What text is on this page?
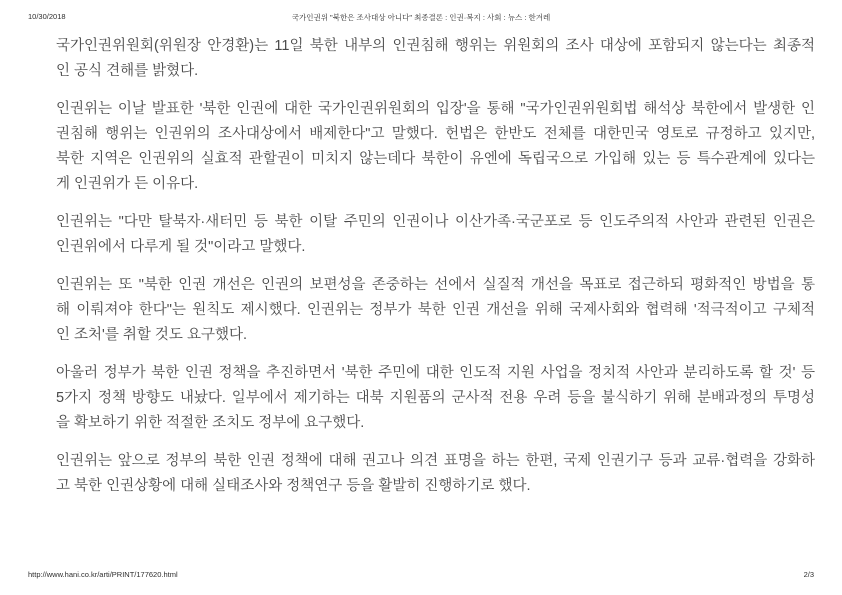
10/30/2018	국가인권위 "북한은 조사대상 아니다" 최종결론 : 인권·복지 : 사회 : 뉴스 : 한겨레
국가인권위원회(위원장 안경환)는 11일 북한 내부의 인권침해 행위는 위원회의 조사 대상에 포함되지 않는다는 최종적
인 공식 견해를 밝혔다.
인권위는 이날 발표한 '북한 인권에 대한 국가인권위원회의 입장'을 통해 "국가인권위원회법 해석상 북한에서 발생한 인
권침해 행위는 인권위의 조사대상에서 배제한다"고 말했다. 헌법은 한반도 전체를 대한민국 영토로 규정하고 있지만,
북한 지역은 인권위의 실효적 관할권이 미치지 않는데다 북한이 유엔에 독립국으로 가입해 있는 등 특수관계에 있다는
게 인권위가 든 이유다.
인권위는 "다만 탈북자·새터민 등 북한 이탈 주민의 인권이나 이산가족·국군포로 등 인도주의적 사안과 관련된 인권은
인권위에서 다루게 될 것"이라고 말했다.
인권위는 또 "북한 인권 개선은 인권의 보편성을 존중하는 선에서 실질적 개선을 목표로 접근하되 평화적인 방법을 통
해 이뤄져야 한다"는 원칙도 제시했다. 인권위는 정부가 북한 인권 개선을 위해 국제사회와 협력해 '적극적이고 구체적
인 조처'를 취할 것도 요구했다.
아울러 정부가 북한 인권 정책을 추진하면서 '북한 주민에 대한 인도적 지원 사업을 정치적 사안과 분리하도록 할 것' 등
5가지 정책 방향도 내놨다. 일부에서 제기하는 대북 지원품의 군사적 전용 우려 등을 불식하기 위해 분배과정의 투명성
을 확보하기 위한 적절한 조치도 정부에 요구했다.
인권위는 앞으로 정부의 북한 인권 정책에 대해 권고나 의견 표명을 하는 한편, 국제 인권기구 등과 교류·협력을 강화하
고 북한 인권상황에 대해 실태조사와 정책연구 등을 활발히 진행하기로 했다.
http://www.hani.co.kr/arti/PRINT/177620.html	2/3
